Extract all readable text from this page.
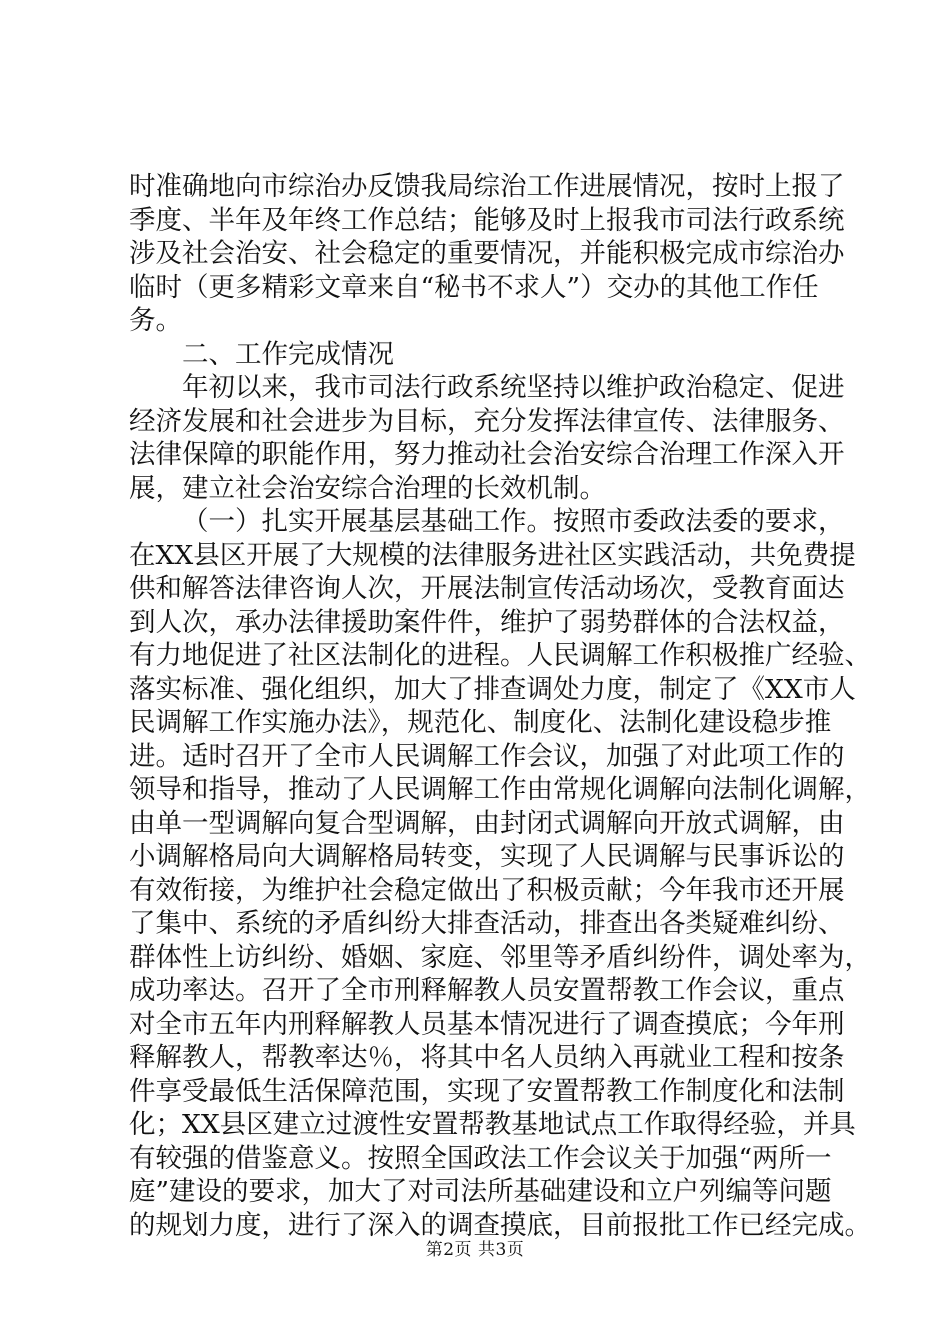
时准确地向市综治办反馈我局综治工作进展情况，按时上报了
季度、半年及年终工作总结；能够及时上报我市司法行政系统
涉及社会治安、社会稳定的重要情况，并能积极完成市综治办
临时（更多精彩文章来自“秘书不求人”）交办的其他工作任
务。
二、工作完成情况
年初以来，我市司法行政系统坚持以维护政治稳定、促进
经济发展和社会进步为目标，充分发挥法律宣传、法律服务、
法律保障的职能作用，努力推动社会治安综合治理工作深入开
展，建立社会治安综合治理的长效机制。
（一）扎实开展基层基础工作。按照市委政法委的要求，
在XX县区开展了大规模的法律服务进社区实践活动，共免费提
供和解答法律咨询人次，开展法制宣传活动场次，受教育面达
到人次，承办法律援助案件件，维护了弱势群体的合法权益，
有力地促进了社区法制化的进程。人民调解工作积极推广经验、
落实标准、强化组织，加大了排查调处力度，制定了《XX市人
民调解工作实施办法》，规范化、制度化、法制化建设稳步推
进。适时召开了全市人民调解工作会议，加强了对此项工作的
领导和指导，推动了人民调解工作由常规化调解向法制化调解，
由单一型调解向复合型调解，由封闭式调解向开放式调解，由
小调解格局向大调解格局转变，实现了人民调解与民事诉讼的
有效衔接，为维护社会稳定做出了积极贡献；今年我市还开展
了集中、系统的矛盾纠纷大排查活动，排查出各类疑难纠纷、
群体性上访纠纷、婚姻、家庭、邻里等矛盾纠纷件，调处率为，
成功率达。召开了全市刑释解教人员安置帮教工作会议，重点
对全市五年内刑释解教人员基本情况进行了调查摸底；今年刑
释解教人，帮教率达％，将其中名人员纳入再就业工程和按条
件享受最低生活保障范围，实现了安置帮教工作制度化和法制
化；XX县区建立过渡性安置帮教基地试点工作取得经验，并具
有较强的借鉴意义。按照全国政法工作会议关于加强“两所一
庭”建设的要求，加大了对司法所基础建设和立户列编等问题
的规划力度，进行了深入的调查摸底，目前报批工作已经完成。
第2页 共3页
